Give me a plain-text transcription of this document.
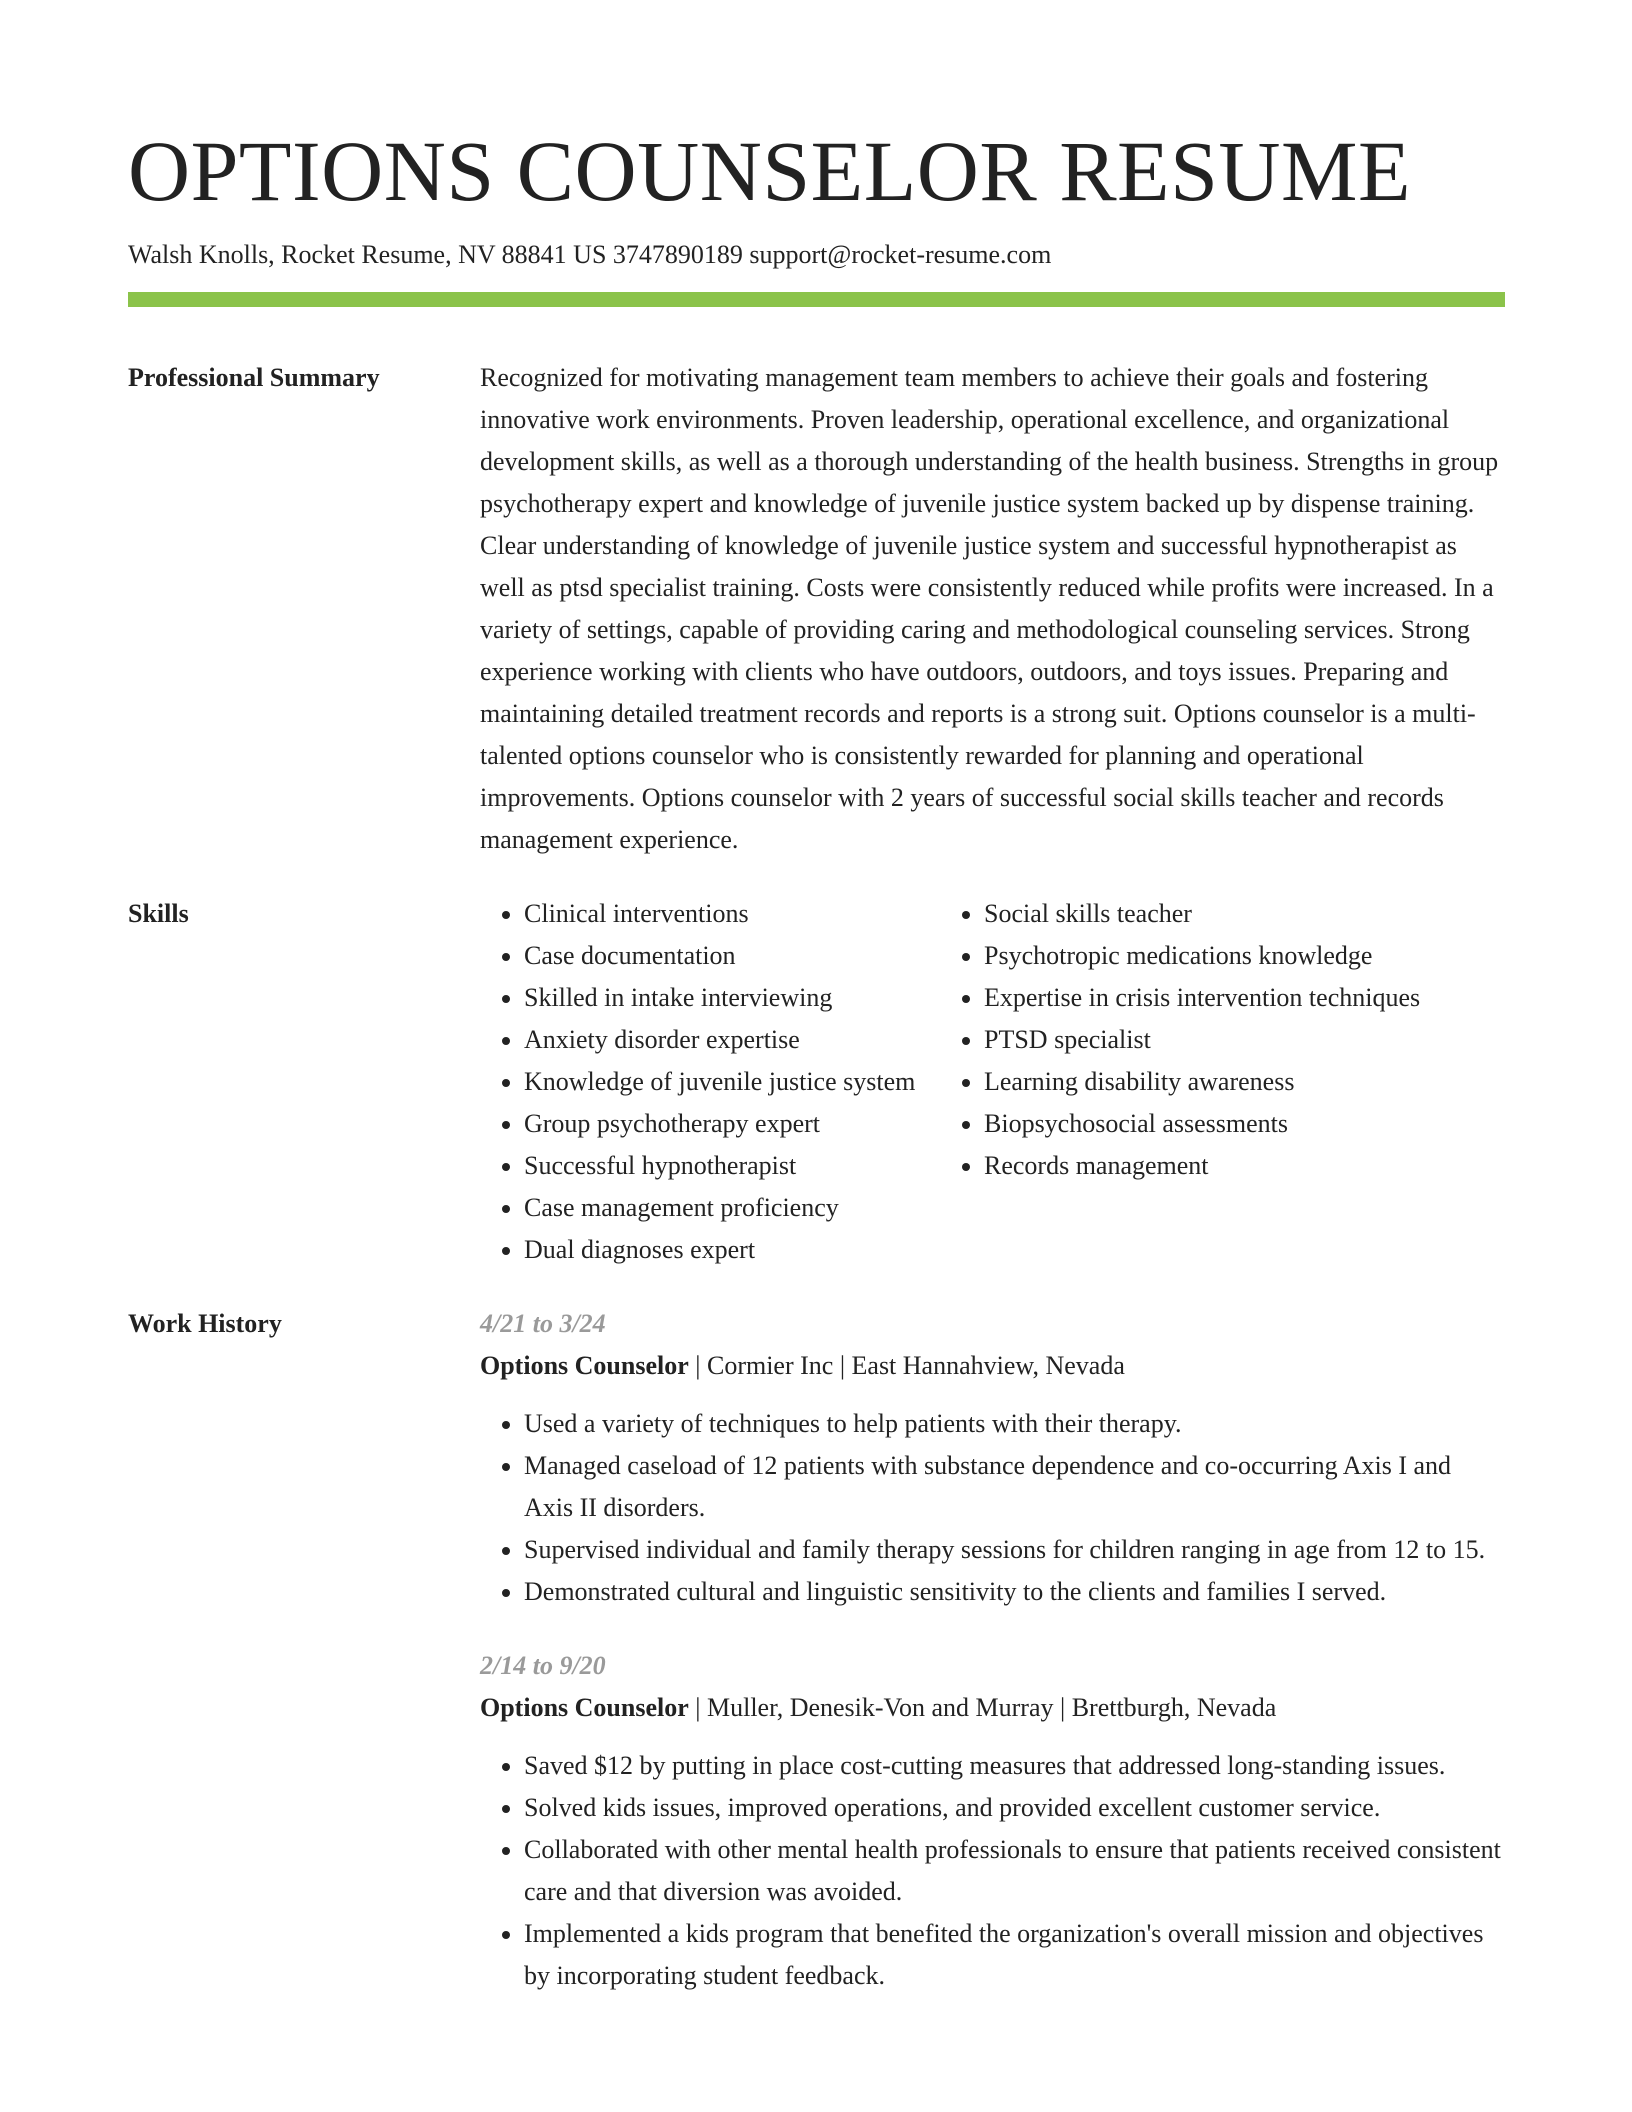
OPTIONS COUNSELOR RESUME
Walsh Knolls, Rocket Resume, NV 88841 US 3747890189 support@rocket-resume.com
Professional Summary	Recognized for motivating management team members to achieve their goals and fostering innovative work environments. Proven leadership, operational excellence, and organizational development skills, as well as a thorough understanding of the health business. Strengths in group psychotherapy expert and knowledge of juvenile justice system backed up by dispense training. Clear understanding of knowledge of juvenile justice system and successful hypnotherapist as well as ptsd specialist training. Costs were consistently reduced while profits were increased. In a variety of settings, capable of providing caring and methodological counseling services. Strong experience working with clients who have outdoors, outdoors, and toys issues. Preparing and maintaining detailed treatment records and reports is a strong suit. Options counselor is a multi-talented options counselor who is consistently rewarded for planning and operational improvements. Options counselor with 2 years of successful social skills teacher and records management experience.

Skills
•	Clinical interventions
• Case documentation
• Skilled in intake interviewing
• Anxiety disorder expertise
• Knowledge of juvenile justice system
• Group psychotherapy expert
• Successful hypnotherapist
• Case management proficiency
• Dual diagnoses expert
• Social skills teacher
• Psychotropic medications knowledge
• Expertise in crisis intervention techniques
• PTSD specialist
• Learning disability awareness
• Biopsychosocial assessments
• Records management
Work History	4/21 to 3/24
Options Counselor | Cormier Inc | East Hannahview, Nevada
• Used a variety of techniques to help patients with their therapy.
• Managed caseload of 12 patients with substance dependence and co-occurring Axis I and Axis II disorders.
• Supervised individual and family therapy sessions for children ranging in age from 12 to 15.
• Demonstrated cultural and linguistic sensitivity to the clients and families I served.
2/14 to 9/20
Options Counselor | Muller, Denesik-Von and Murray | Brettburgh, Nevada
• Saved $12 by putting in place cost-cutting measures that addressed long-standing issues.
• Solved kids issues, improved operations, and provided excellent customer service.
• Collaborated with other mental health professionals to ensure that patients received consistent care and that diversion was avoided.
• Implemented a kids program that benefited the organization's overall mission and objectives by incorporating student feedback.
